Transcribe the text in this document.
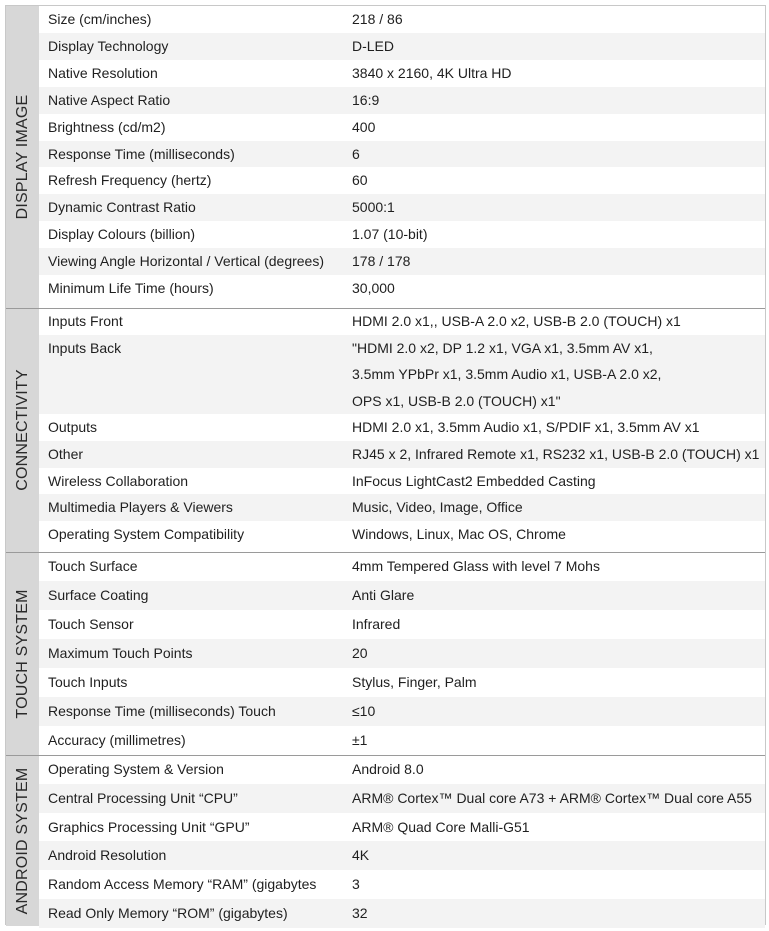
DISPLAY IMAGE
Size (cm/inches)	218 / 86
Display Technology	D-LED
Native Resolution	3840 x 2160, 4K Ultra HD
Native Aspect Ratio	16:9
Brightness (cd/m2)	400
Response Time (milliseconds)	6
Refresh Frequency (hertz)	60
Dynamic Contrast Ratio	5000:1
Display Colours (billion)	1.07 (10-bit)
Viewing Angle Horizontal / Vertical (degrees) 178 / 178
Minimum Life Time (hours)	30,000
CONNECTIVITY
Inputs Front	HDMI 2.0 x1,, USB-A 2.0 x2, USB-B 2.0 (TOUCH) x1
Inputs Back	"HDMI 2.0 x2, DP 1.2 x1, VGA x1, 3.5mm AV x1,
3.5mm YPbPr x1, 3.5mm Audio x1, USB-A 2.0 x2,
OPS x1, USB-B 2.0 (TOUCH) x1"
Outputs	HDMI 2.0 x1, 3.5mm Audio x1, S/PDIF x1, 3.5mm AV x1
Other	RJ45 x 2, Infrared Remote x1, RS232 x1, USB-B 2.0 (TOUCH) x1
Wireless Collaboration	InFocus LightCast2 Embedded Casting
Multimedia Players & Viewers	Music, Video, Image, Office
Operating System Compatibility	Windows, Linux, Mac OS, Chrome
TOUCH SYSTEM
Touch Surface	4mm Tempered Glass with level 7 Mohs
Surface Coating	Anti Glare
Touch Sensor	Infrared
Maximum Touch Points	20
Touch Inputs	Stylus, Finger, Palm
Response Time (milliseconds) Touch	≤10
Accuracy (millimetres)	±1
ANDROID SYSTEM Operating System & Version	Android 8.0
Central Processing Unit “CPU”	ARM® Cortex™ Dual core A73 + ARM® Cortex™ Dual core A55
Graphics Processing Unit “GPU”	ARM® Quad Core Malli-G51
Android Resolution	4K
Random Access Memory “RAM” (gigabytes	3
Read Only Memory “ROM” (gigabytes)	32
